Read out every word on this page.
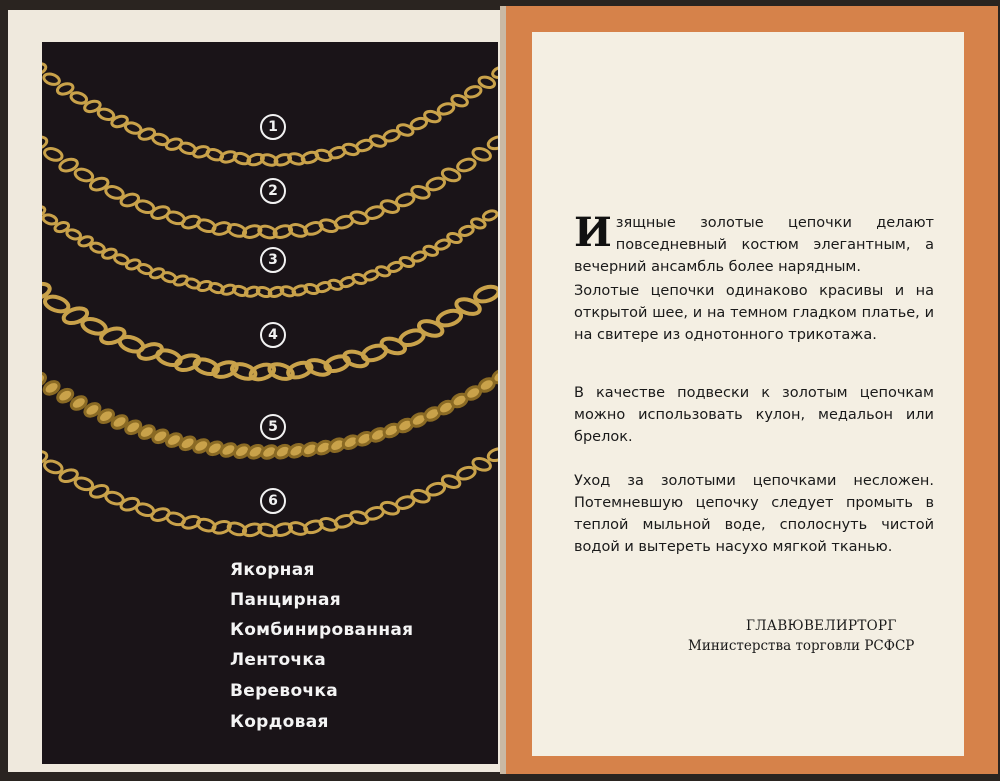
1
2
3
4
5
6
Якорная
Панцирная
Комбинированная
Ленточка
Веревочка
Кордовая

Изящные золотые цепочки делают повседневный костюм элегантным, а вечерний ансамбль более нарядным.

Золотые цепочки одинаково красивы и на открытой шее, и на темном гладком платье, и на свитере из однотонного трикотажа.
В качестве подвески к золотым цепочкам можно использовать кулон, медальон или брелок.
Уход за золотыми цепочками несложен. Потемневшую цепочку следует промыть в теплой мыльной воде, сполоснуть чистой водой и вытереть насухо мягкой тканью.
ГЛАВЮВЕЛИРТОРГ
Министерства торговли РСФСР
